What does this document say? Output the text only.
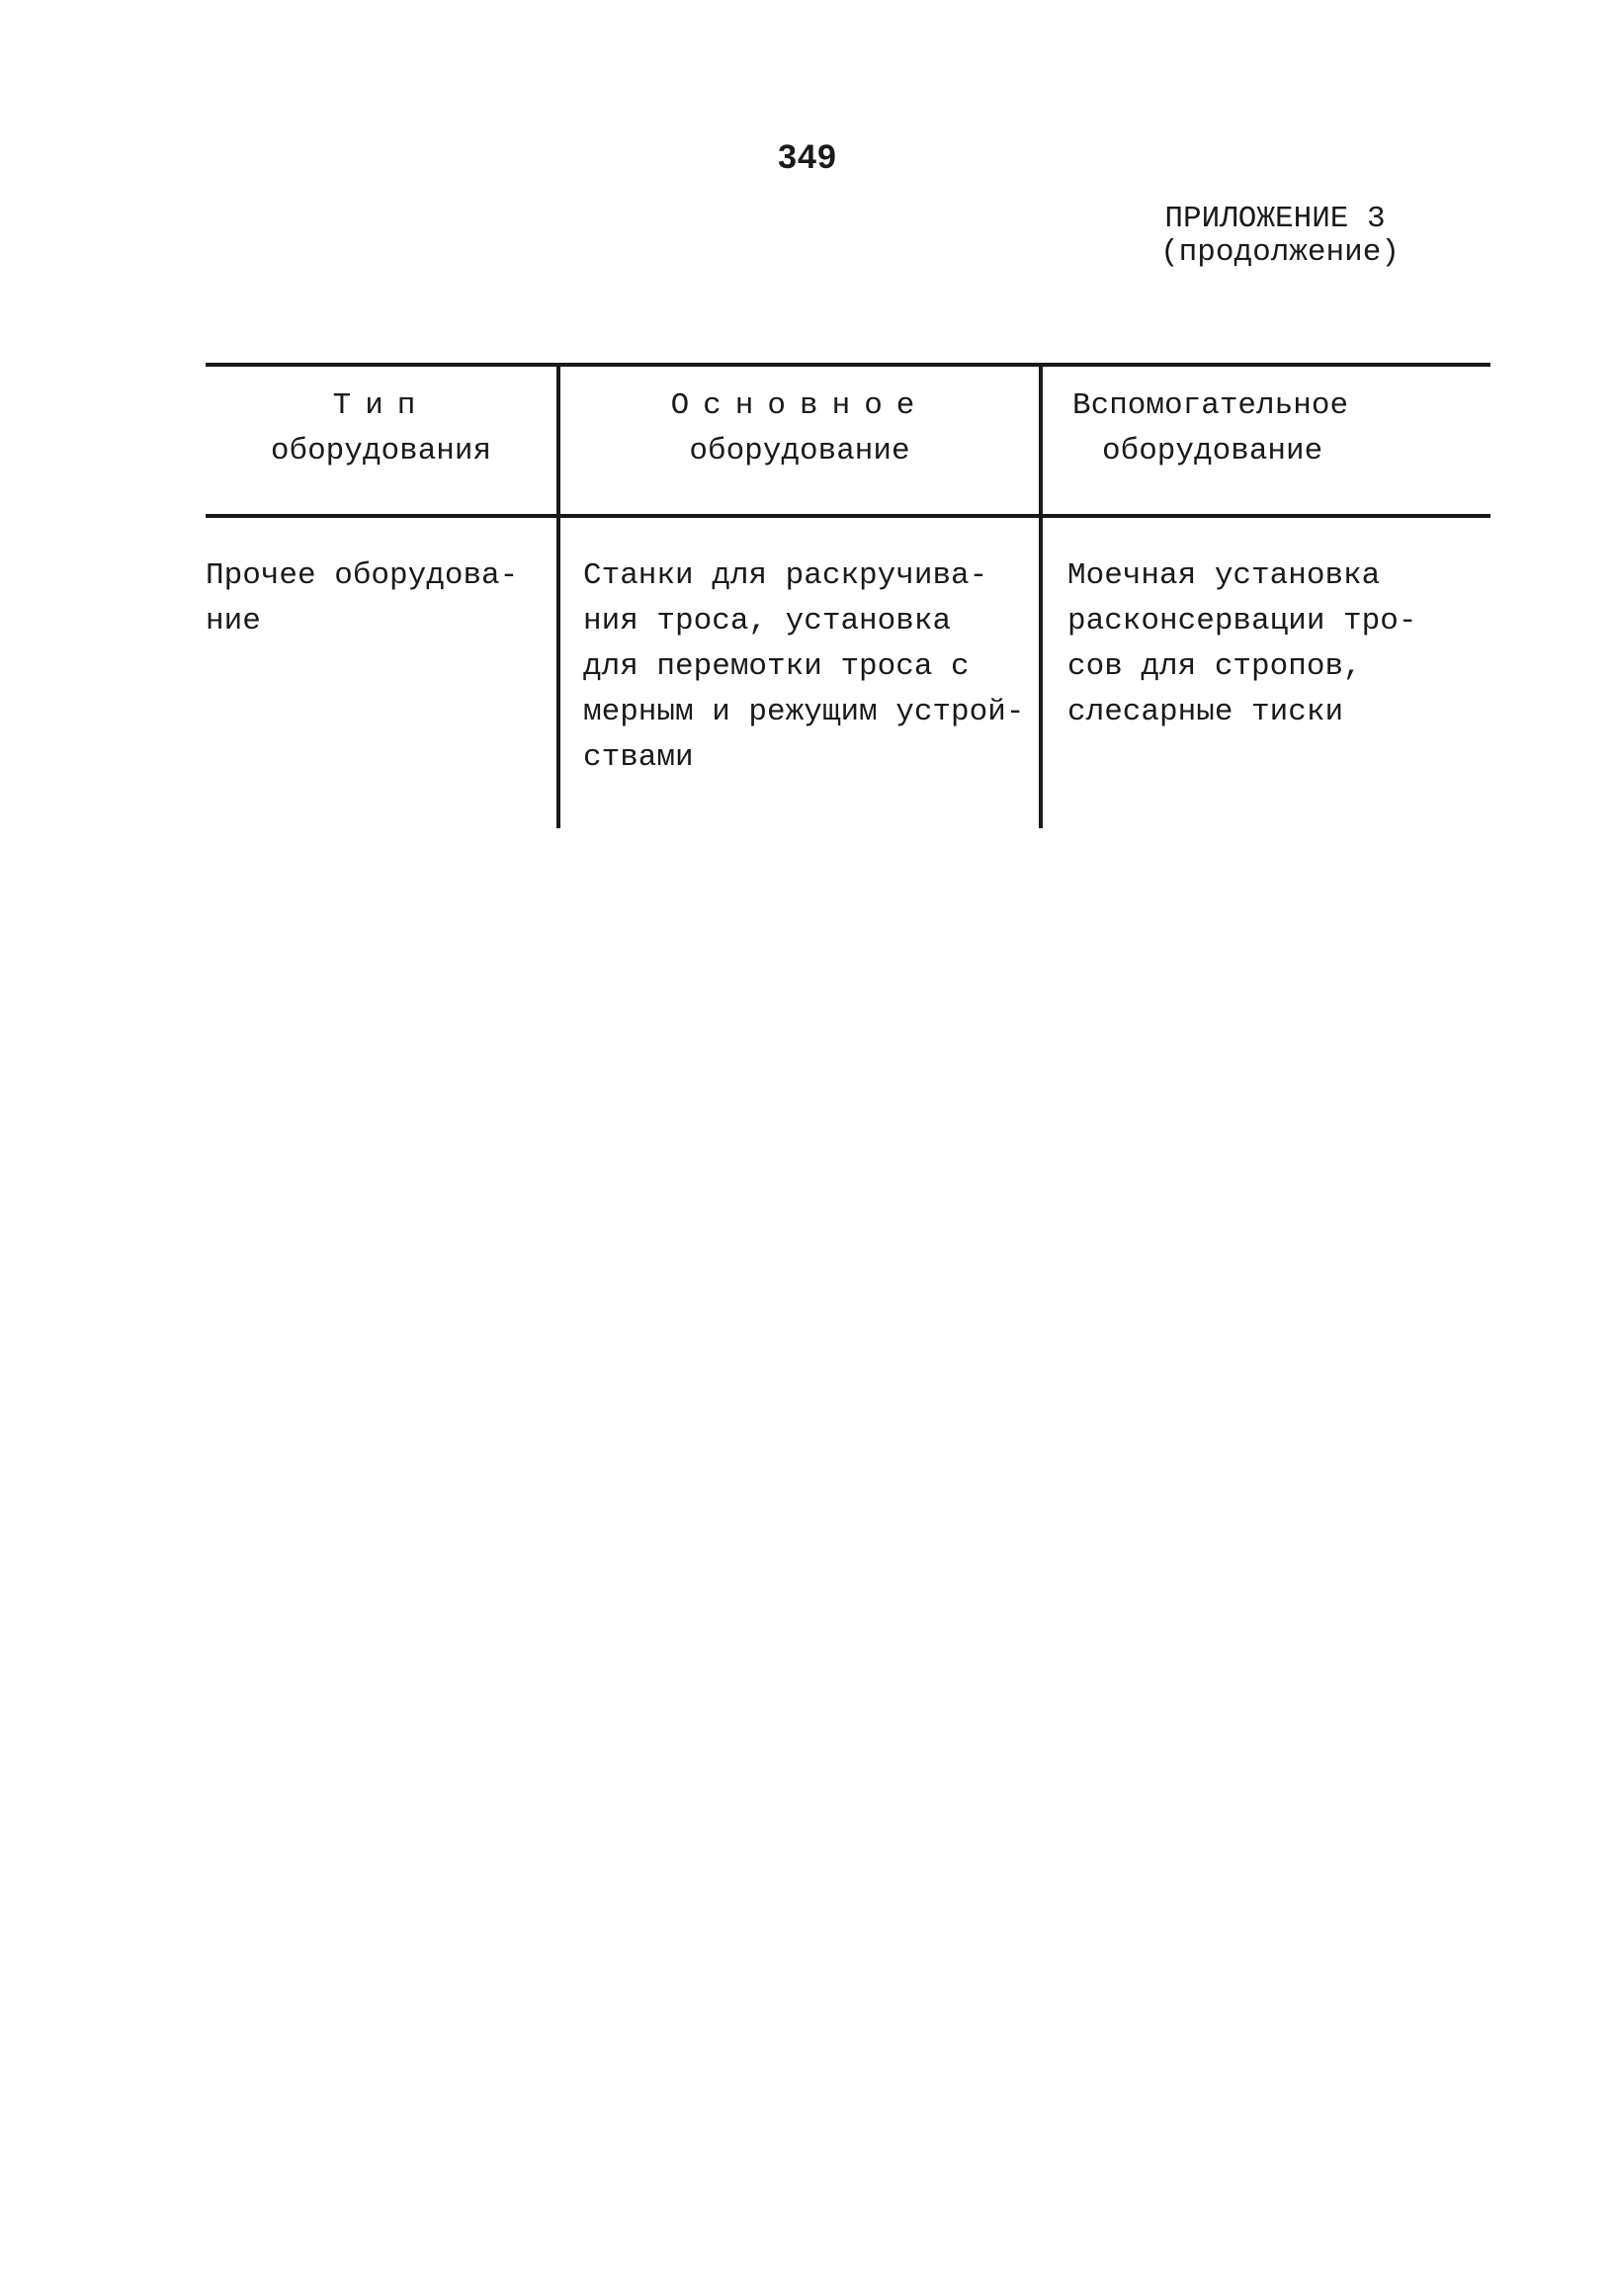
349
ПРИЛОЖЕНИЕ 3
(продолжение)
Тип
оборудования
Основное
оборудование
Вспомогательное
оборудование
Прочее оборудова-
ние
Станки для раскручива-
ния троса, установка
для перемотки троса с
мерным и режущим устрой-
ствами
Моечная установка
расконсервации тро-
сов для стропов,
слесарные тиски
